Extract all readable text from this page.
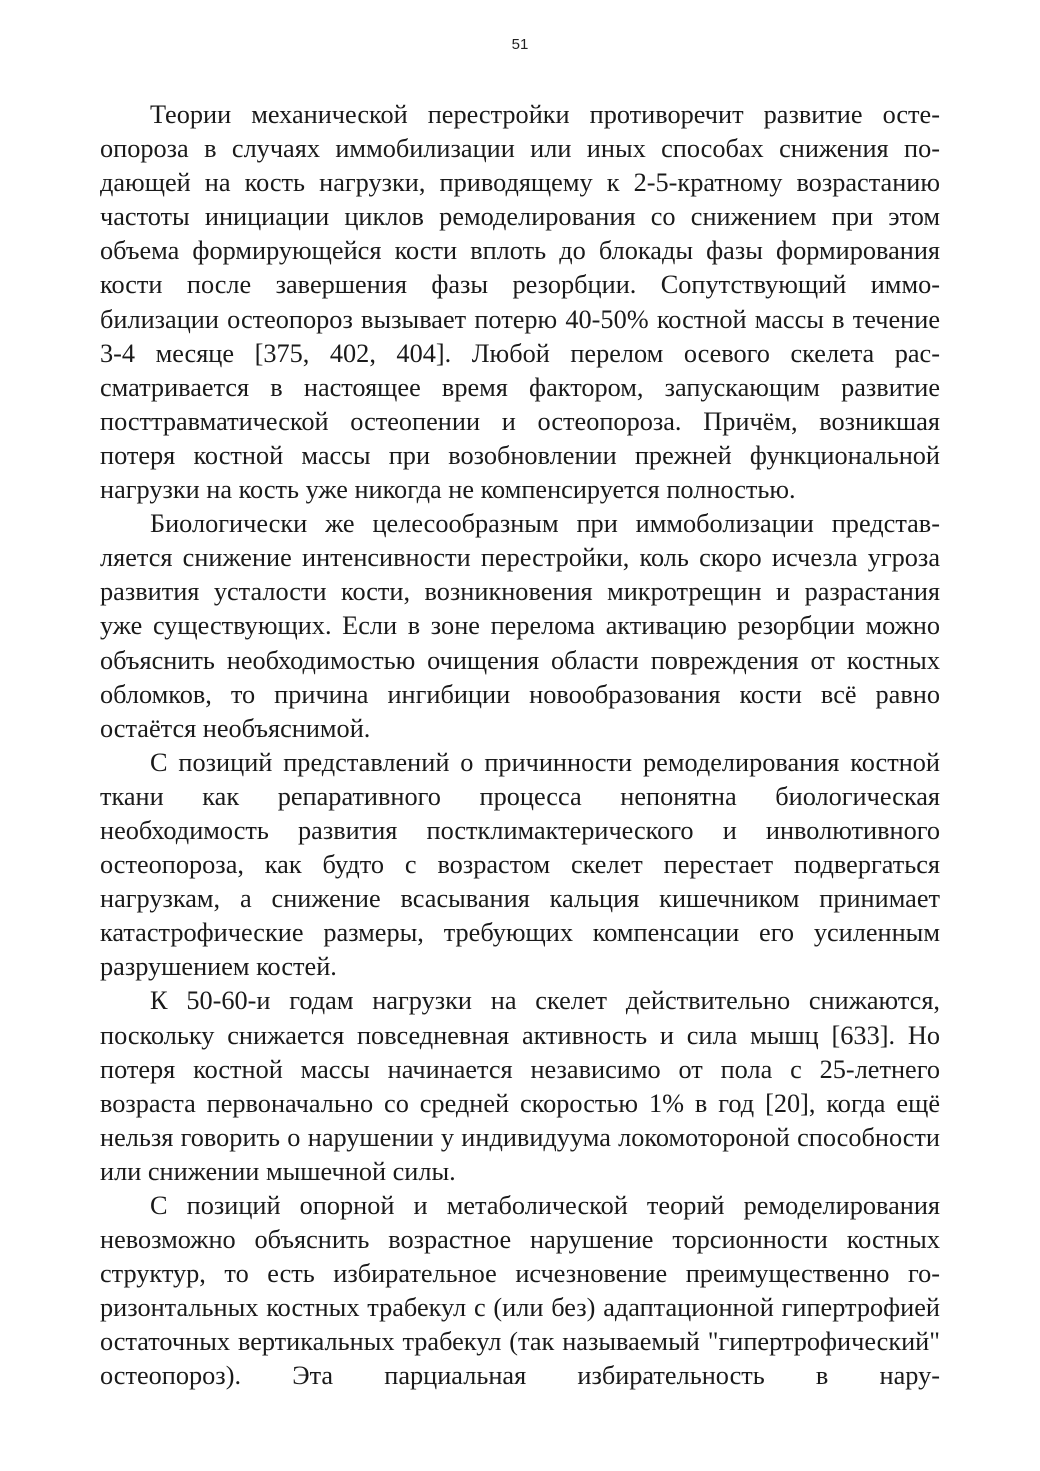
51

Теории механической перестройки противоречит развитие остеопороза в случаях иммобилизации или иных способах снижения подающей на кость нагрузки, приводящему к 2-5-кратному возрастанию частоты инициации циклов ремоделирования со снижением при этом объема формирующейся кости вплоть до блокады фазы формирования кости после завершения фазы резорбции. Сопутствующий иммобилизации остеопороз вызывает потерю 40-50% костной массы в течение 3-4 месяце [375, 402, 404]. Любой перелом осевого скелета рассматривается в настоящее время фактором, запускающим развитие посттравматической остеопении и остеопороза. Причём, возникшая потеря костной массы при возобновлении прежней функциональной нагрузки на кость уже никогда не компенсируется полностью.

Биологически же целесообразным при иммоболизации представляется снижение интенсивности перестройки, коль скоро исчезла угроза развития усталости кости, возникновения микротрещин и разрастания уже существующих. Если в зоне перелома активацию резорбции можно объяснить необходимостью очищения области повреждения от костных обломков, то причина ингибиции новообразования кости всё равно остаётся необъяснимой.

С позиций представлений о причинности ремоделирования костной ткани как репаративного процесса непонятна биологическая необходимость развития постклимактерического и инволютивного остеопороза, как будто с возрастом скелет перестает подвергаться нагрузкам, а снижение всасывания кальция кишечником принимает катастрофические размеры, требующих компенсации его усиленным разрушением костей.

К 50-60-и годам нагрузки на скелет действительно снижаются, поскольку снижается повседневная активность и сила мышц [633]. Но потеря костной массы начинается независимо от пола с 25-летнего возраста первоначально со средней скоростью 1% в год [20], когда ещё нельзя говорить о нарушении у индивидуума локомотороной способности или снижении мышечной силы.

С позиций опорной и метаболической теорий ремоделирования невозможно объяснить возрастное нарушение торсионности костных структур, то есть избирательное исчезновение преимущественно горизонтальных костных трабекул с (или без) адаптационной гипертрофией остаточных вертикальных трабекул (так называемый "гипертрофический" остеопороз). Эта парциальная избирательность в нару-
